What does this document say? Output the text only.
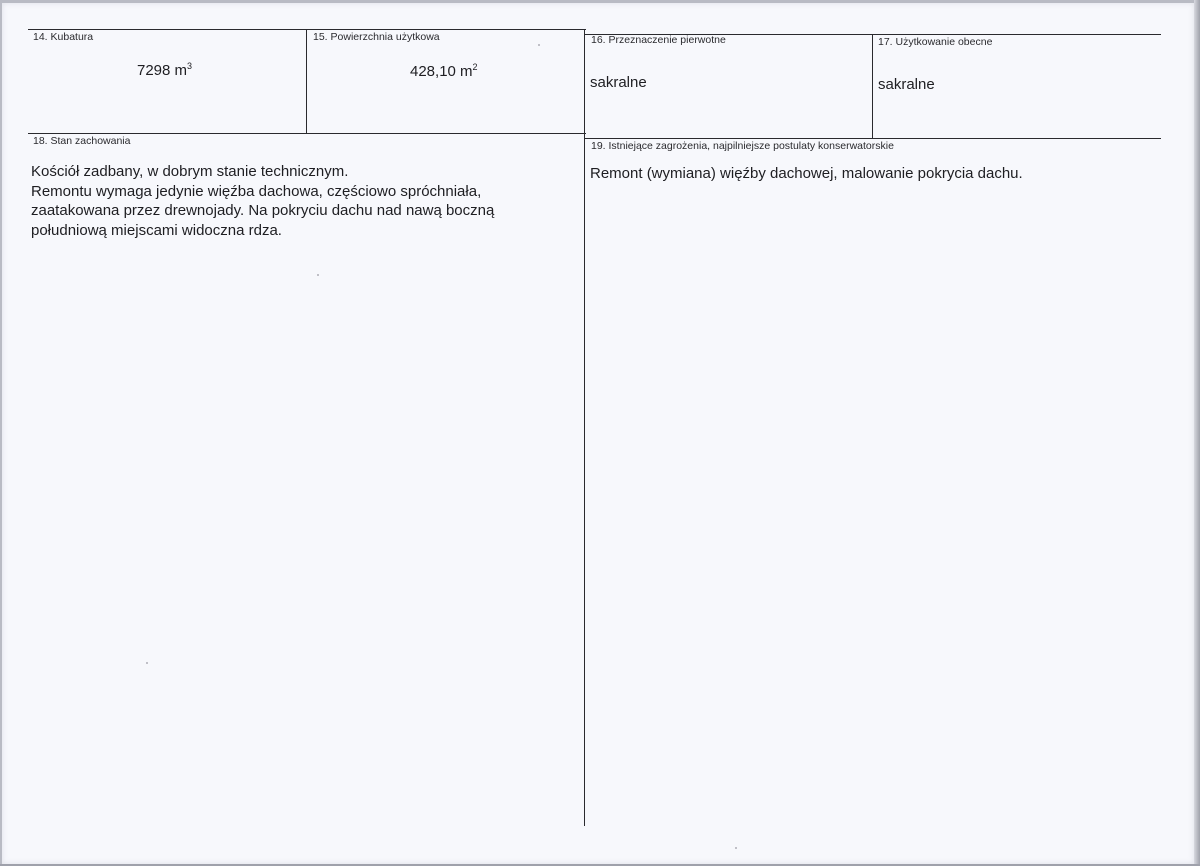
14. Kubatura
7298 $m^3$
15. Powierzchnia użytkowa
428,10 $m^2$
16. Przeznaczenie pierwotne
sakralne
17. Użytkowanie obecne
sakralne
18. Stan zachowania
Kościół zadbany, w dobrym stanie technicznym.
Remontu wymaga jedynie więźba dachowa, częściowo spróchniała,
zaatakowana przez drewnojady. Na pokryciu dachu nad nawą boczną
południową miejscami widoczna rdza.
19. Istniejące zagrożenia, najpilniejsze postulaty konserwatorskie
Remont (wymiana) więźby dachowej, malowanie pokrycia dachu.
